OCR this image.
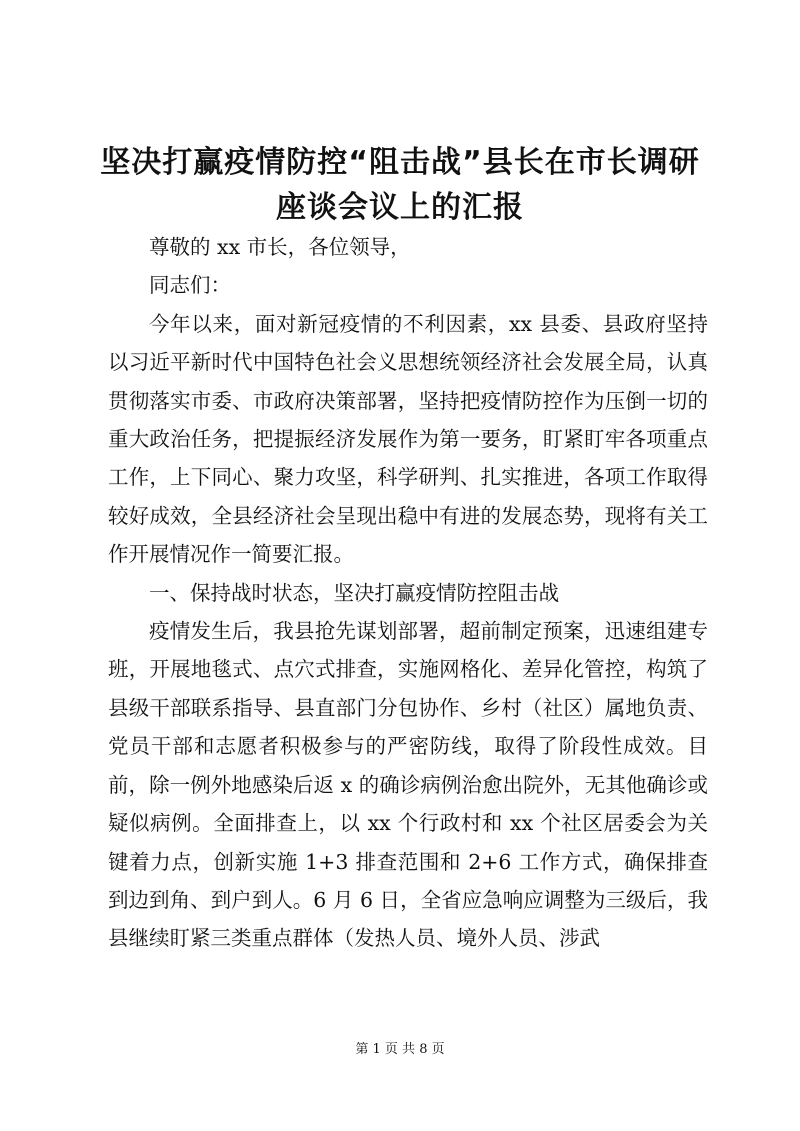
坚决打赢疫情防控“阻击战”县长在市长调研
座谈会议上的汇报

尊敬的 xx 市长，各位领导，

同志们：

今年以来，面对新冠疫情的不利因素，xx 县委、县政府坚持以习近平新时代中国特色社会义思想统领经济社会发展全局，认真贯彻落实市委、市政府决策部署，坚持把疫情防控作为压倒一切的重大政治任务，把提振经济发展作为第一要务，盯紧盯牢各项重点工作，上下同心、聚力攻坚，科学研判、扎实推进，各项工作取得较好成效，全县经济社会呈现出稳中有进的发展态势，现将有关工作开展情况作一简要汇报。

一、保持战时状态，坚决打赢疫情防控阻击战

疫情发生后，我县抢先谋划部署，超前制定预案，迅速组建专班，开展地毯式、点穴式排查，实施网格化、差异化管控，构筑了县级干部联系指导、县直部门分包协作、乡村（社区）属地负责、党员干部和志愿者积极参与的严密防线，取得了阶段性成效。目前，除一例外地感染后返 x 的确诊病例治愈出院外，无其他确诊或疑似病例。全面排查上，以 xx 个行政村和 xx 个社区居委会为关键着力点，创新实施 1+3 排查范围和 2+6 工作方式，确保排查到边到角、到户到人。6 月 6 日，全省应急响应调整为三级后，我县继续盯紧三类重点群体（发热人员、境外人员、涉武

第 1 页 共 8 页
